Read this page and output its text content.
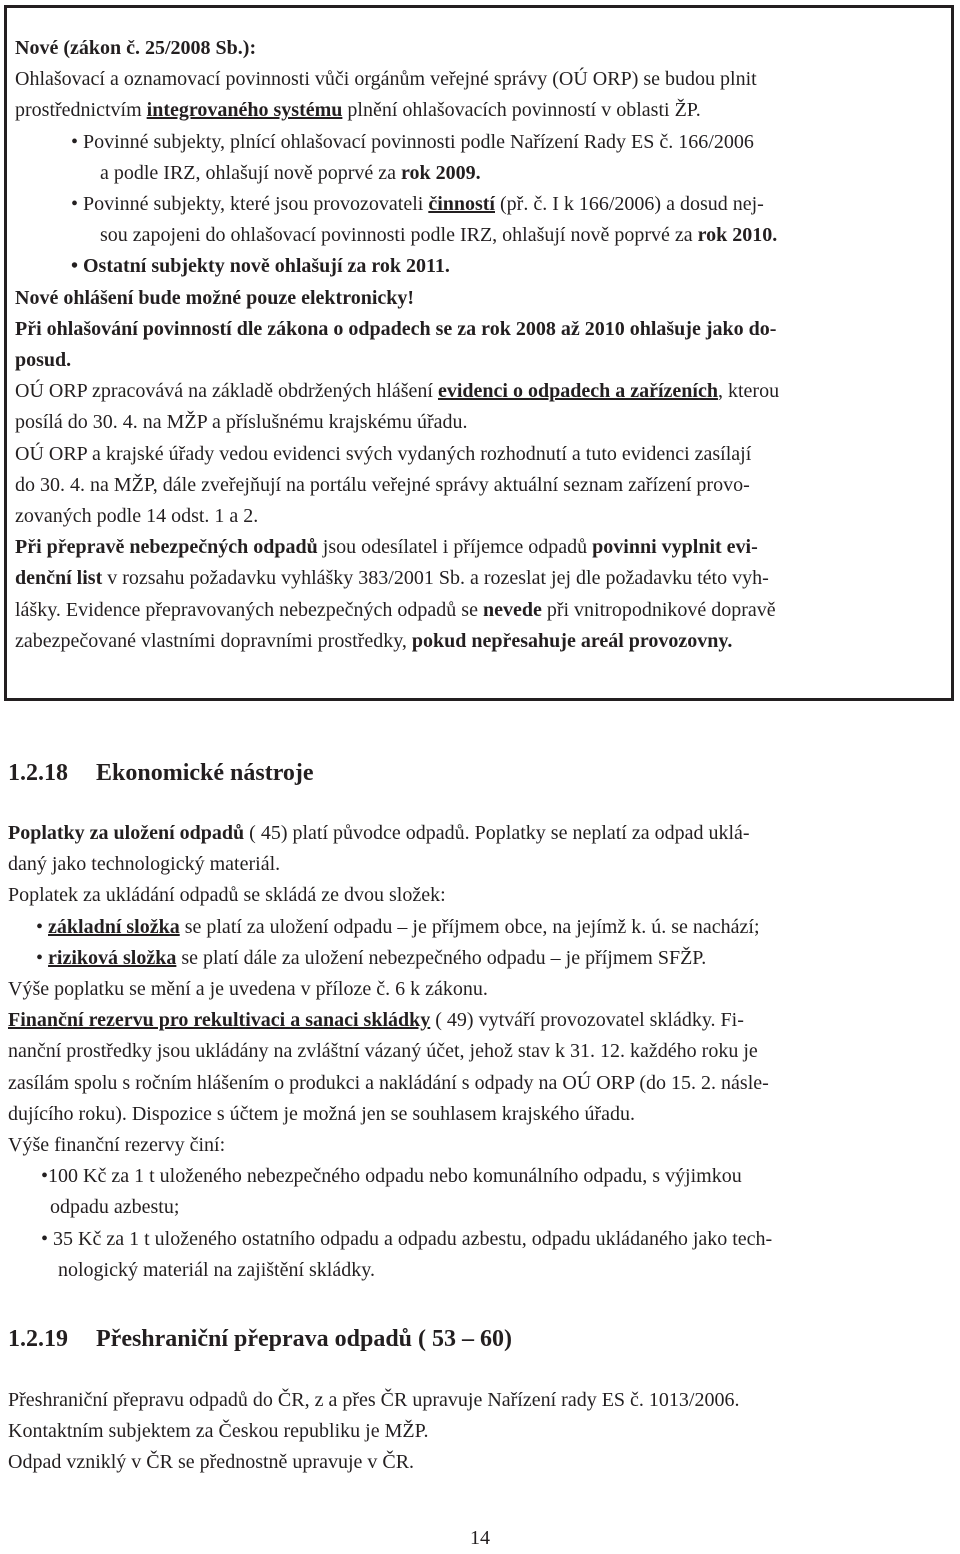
Nové (zákon č. 25/2008 Sb.):
Ohlašovací a oznamovací povinnosti vůči orgánům veřejné správy (OÚ ORP) se budou plnit
prostřednictvím integrovaného systému plnění ohlašovacích povinností v oblasti ŽP.
• Povinné subjekty, plnící ohlašovací povinnosti podle Nařízení Rady ES č. 166/2006
a podle IRZ, ohlašují nově poprvé za rok 2009.
• Povinné subjekty, které jsou provozovateli činností (př. č. I k 166/2006) a dosud nej-
sou zapojeni do ohlašovací povinnosti podle IRZ, ohlašují nově poprvé za rok 2010.
• Ostatní subjekty nově ohlašují za rok 2011.
Nové ohlášení bude možné pouze elektronicky!
Při ohlašování povinností dle zákona o odpadech se za rok 2008 až 2010 ohlašuje jako do-
posud.
OÚ ORP zpracovává na základě obdržených hlášení evidenci o odpadech a zařízeních, kterou
posílá do 30. 4. na MŽP a příslušnému krajskému úřadu.
OÚ ORP a krajské úřady vedou evidenci svých vydaných rozhodnutí a tuto evidenci zasílají
do 30. 4. na MŽP, dále zveřejňují na portálu veřejné správy aktuální seznam zařízení provo-
zovaných podle 14 odst. 1 a 2.
Při přepravě nebezpečných odpadů jsou odesílatel i příjemce odpadů povinni vyplnit evi-
denční list v rozsahu požadavku vyhlášky 383/2001 Sb. a rozeslat jej dle požadavku této vyh-
lášky. Evidence přepravovaných nebezpečných odpadů se nevede při vnitropodnikové dopravě
zabezpečované vlastními dopravními prostředky, pokud nepřesahuje areál provozovny.
1.2.18 Ekonomické nástroje
Poplatky za uložení odpadů ( 45) platí původce odpadů. Poplatky se neplatí za odpad uklá-
daný jako technologický materiál.
Poplatek za ukládání odpadů se skládá ze dvou složek:
• základní složka se platí za uložení odpadu – je příjmem obce, na jejímž k. ú. se nachází;
• riziková složka se platí dále za uložení nebezpečného odpadu – je příjmem SFŽP.
Výše poplatku se mění a je uvedena v příloze č. 6 k zákonu.
Finanční rezervu pro rekultivaci a sanaci skládky ( 49) vytváří provozovatel skládky. Fi-
nanční prostředky jsou ukládány na zvláštní vázaný účet, jehož stav k 31. 12. každého roku je
zasílám spolu s ročním hlášením o produkci a nakládání s odpady na OÚ ORP (do 15. 2. násle-
dujícího roku). Dispozice s účtem je možná jen se souhlasem krajského úřadu.
Výše finanční rezervy činí:
•100 Kč za 1 t uloženého nebezpečného odpadu nebo komunálního odpadu, s výjimkou
odpadu azbestu;
• 35 Kč za 1 t uloženého ostatního odpadu a odpadu azbestu, odpadu ukládaného jako tech-
nologický materiál na zajištění skládky.
1.2.19 Přeshraniční přeprava odpadů ( 53 – 60)
Přeshraniční přepravu odpadů do ČR, z a přes ČR upravuje Nařízení rady ES č. 1013/2006.
Kontaktním subjektem za Českou republiku je MŽP.
Odpad vzniklý v ČR se přednostně upravuje v ČR.
14
